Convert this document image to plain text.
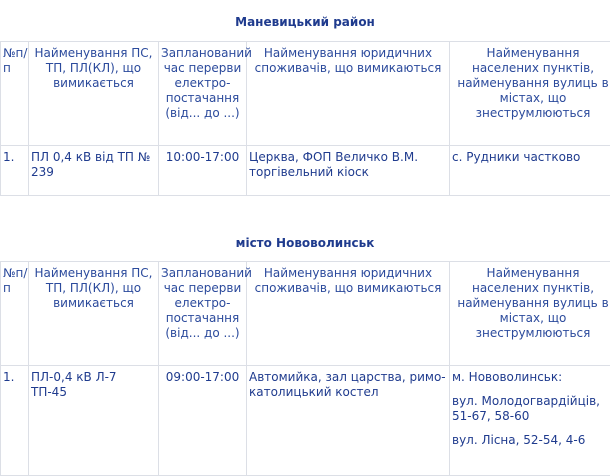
Маневицький район
№п/п	Найменування ПС, ТП, ПЛ(КЛ), що вимикається	Запланований час перерви електро-постачання (від... до ...)	Найменування юридичних споживачів, що вимикаються	Найменування населених пунктів, найменування вулиць в містах, що знеструмлюються
1.	ПЛ 0,4 кВ від ТП № 239	10:00-17:00	Церква, ФОП Величко В.М. торгівельний кіоск	с. Рудники частково
місто Нововолинськ
№п/п	Найменування ПС, ТП, ПЛ(КЛ), що вимикається	Запланований час перерви електро-постачання (від... до ...)	Найменування юридичних споживачів, що вимикаються	Найменування населених пунктів, найменування вулиць в містах, що знеструмлюються
1.	ПЛ-0,4 кВ Л-7 ТП-45	09:00-17:00	Автомийка, зал царства, римо-католицький костел	м. Нововолинськ:
вул. Молодогвардійців, 51-67, 58-60
вул. Лісна, 52-54, 4-6
